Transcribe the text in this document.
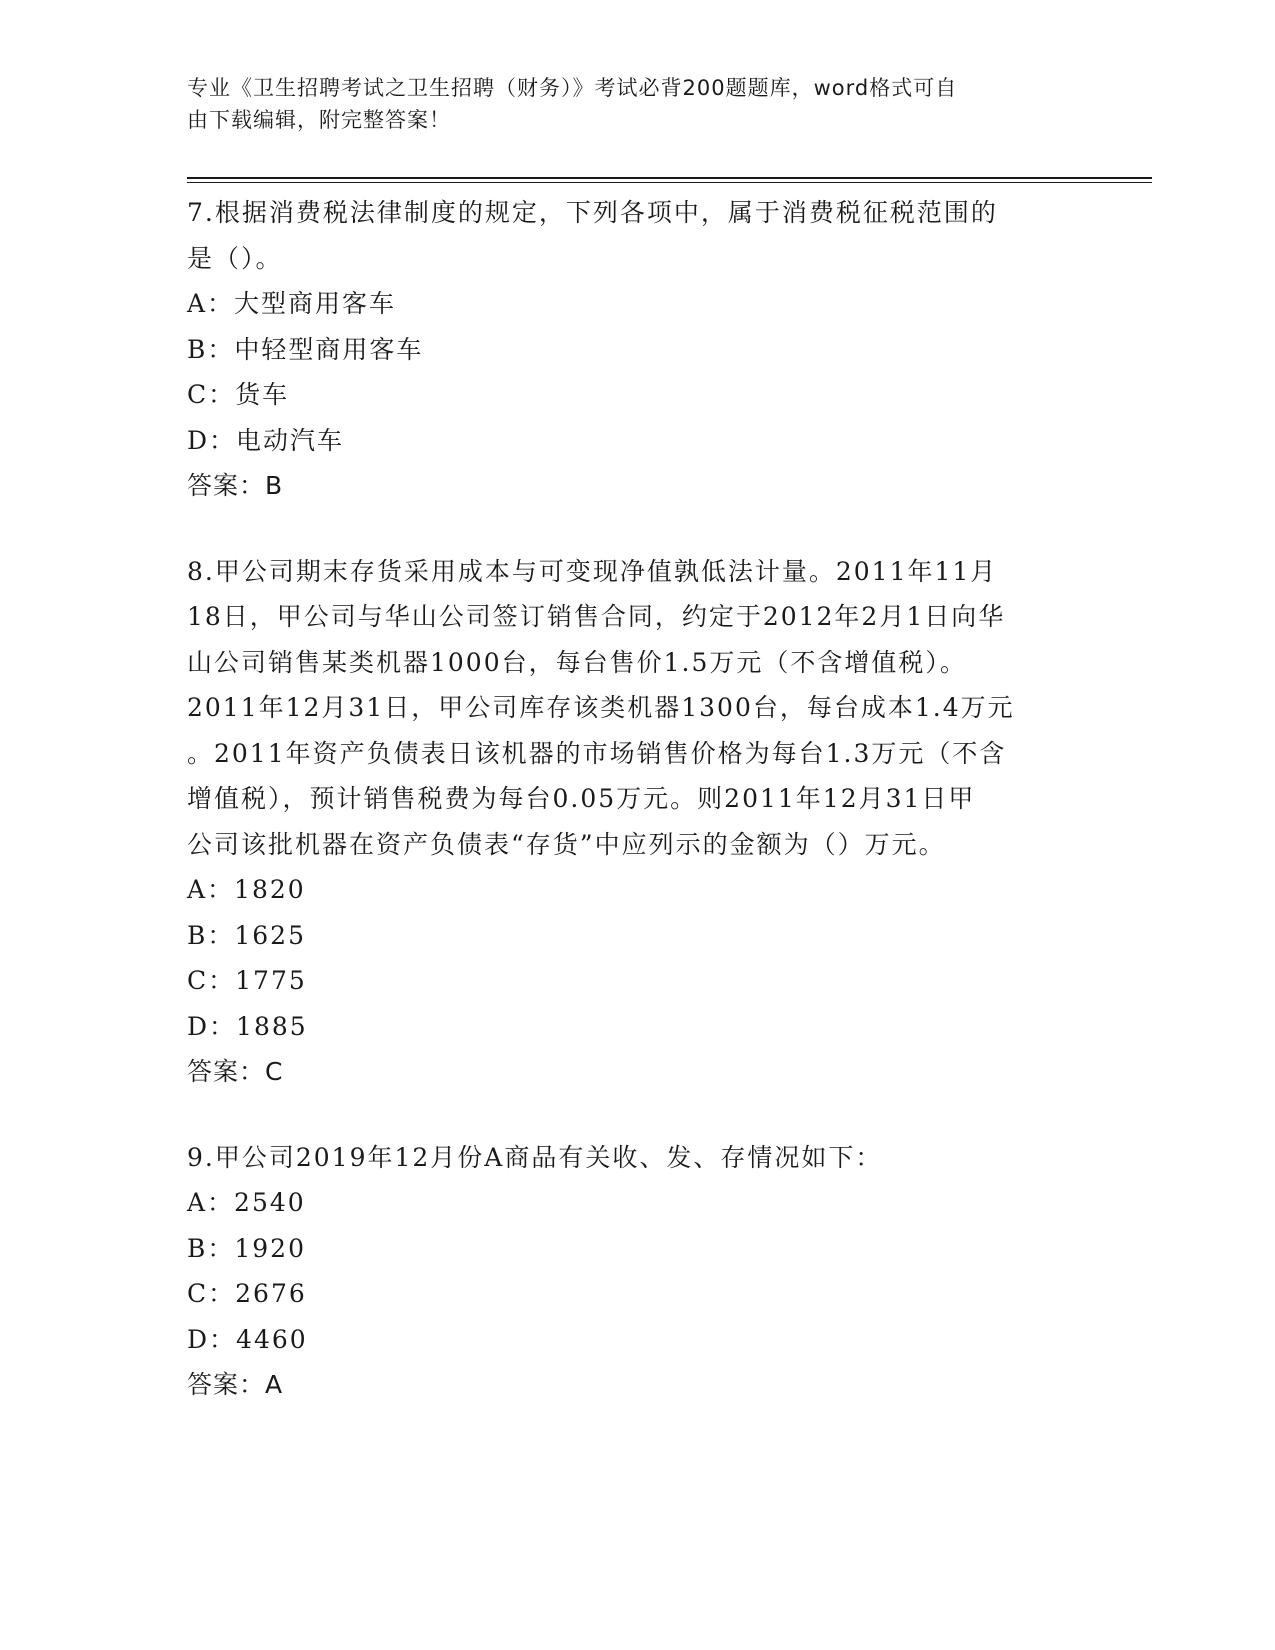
专业《卫生招聘考试之卫生招聘（财务）》考试必背200题题库，word格式可自
由下载编辑，附完整答案！

7.根据消费税法律制度的规定，下列各项中，属于消费税征税范围的

是（）。

A：大型商用客车

B：中轻型商用客车

C：货车

D：电动汽车

答案：B

8.甲公司期末存货采用成本与可变现净值孰低法计量。2011年11月

18日，甲公司与华山公司签订销售合同，约定于2012年2月1日向华

山公司销售某类机器1000台，每台售价1.5万元（不含增值税）。

2011年12月31日，甲公司库存该类机器1300台，每台成本1.4万元

。2011年资产负债表日该机器的市场销售价格为每台1.3万元（不含

增值税），预计销售税费为每台0.05万元。则2011年12月31日甲

公司该批机器在资产负债表“存货”中应列示的金额为（）万元。

A：1820

B：1625

C：1775

D：1885

答案：C

9.甲公司2019年12月份A商品有关收、发、存情况如下：

A：2540

B：1920

C：2676

D：4460

答案：A
